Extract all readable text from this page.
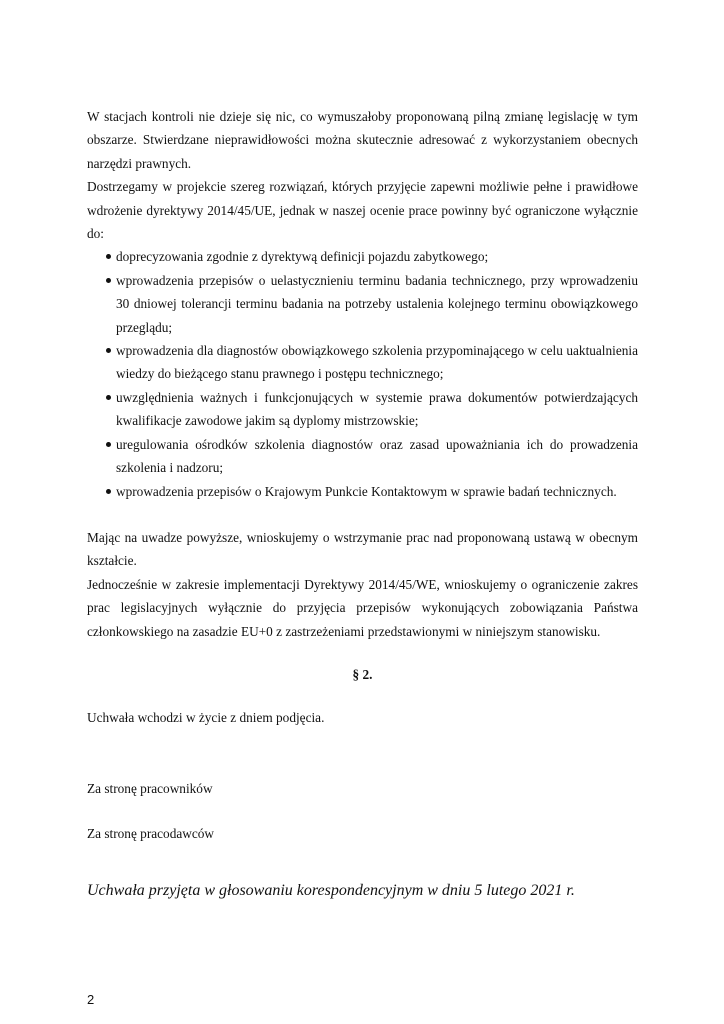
W stacjach kontroli nie dzieje się nic, co wymuszałoby proponowaną pilną zmianę legislację w tym obszarze. Stwierdzane nieprawidłowości można skutecznie adresować z wykorzystaniem obecnych narzędzi prawnych.

Dostrzegamy w projekcie szereg rozwiązań, których przyjęcie zapewni możliwie pełne i prawidłowe wdrożenie dyrektywy 2014/45/UE, jednak w naszej ocenie prace powinny być ograniczone wyłącznie do:

doprecyzowania zgodnie z dyrektywą definicji pojazdu zabytkowego;
wprowadzenia przepisów o uelastycznieniu terminu badania technicznego, przy wprowadzeniu 30 dniowej tolerancji terminu badania na potrzeby ustalenia kolejnego terminu obowiązkowego przeglądu;
wprowadzenia dla diagnostów obowiązkowego szkolenia przypominającego w celu uaktualnienia wiedzy do bieżącego stanu prawnego i postępu technicznego;
uwzględnienia ważnych i funkcjonujących w systemie prawa dokumentów potwierdzających kwalifikacje zawodowe jakim są dyplomy mistrzowskie;
uregulowania ośrodków szkolenia diagnostów oraz zasad upoważniania ich do prowadzenia szkolenia i nadzoru;
wprowadzenia przepisów o Krajowym Punkcie Kontaktowym w sprawie badań technicznych.

Mając na uwadze powyższe, wnioskujemy o wstrzymanie prac nad proponowaną ustawą w obecnym kształcie.

Jednocześnie w zakresie implementacji Dyrektywy 2014/45/WE, wnioskujemy o ograniczenie zakres prac legislacyjnych wyłącznie do przyjęcia przepisów wykonujących zobowiązania Państwa członkowskiego na zasadzie EU+0 z zastrzeżeniami przedstawionymi w niniejszym stanowisku.

§ 2.

Uchwała wchodzi w życie z dniem podjęcia.

Za stronę pracowników

Za stronę pracodawców

Uchwała przyjęta w głosowaniu korespondencyjnym w dniu 5 lutego 2021 r.

2
